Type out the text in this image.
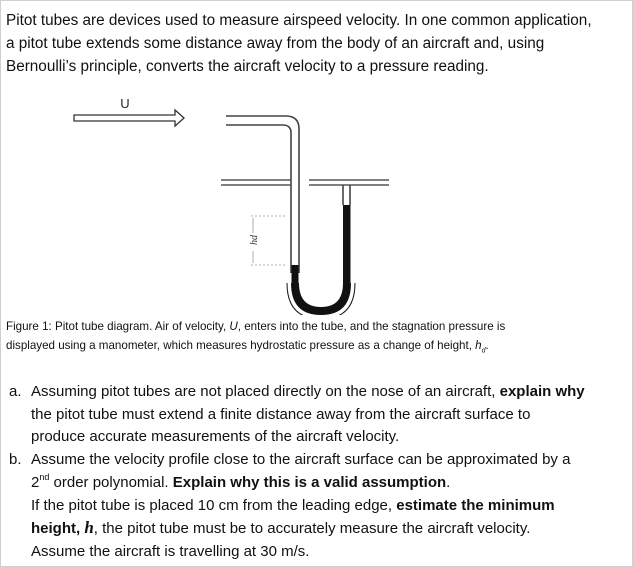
Pitot tubes are devices used to measure airspeed velocity. In one common application,

a pitot tube extends some distance away from the body of an aircraft and, using

Bernoulli’s principle, converts the aircraft velocity to a pressure reading.

U
hd
Figure 1: Pitot tube diagram. Air of velocity, U, enters into the tube, and the stagnation pressure is
displayed using a manometer, which measures hydrostatic pressure as a change of height, $h_d$.
a. Assuming pitot tubes are not placed directly on the nose of an aircraft, explain why
the pitot tube must extend a finite distance away from the aircraft surface to
produce accurate measurements of the aircraft velocity.
b. Assume the velocity profile close to the aircraft surface can be approximated by a
2nd order polynomial. Explain why this is a valid assumption.
If the pitot tube is placed 10 cm from the leading edge, estimate the minimum
height, h, the pitot tube must be to accurately measure the aircraft velocity.
Assume the aircraft is travelling at 30 m/s.
